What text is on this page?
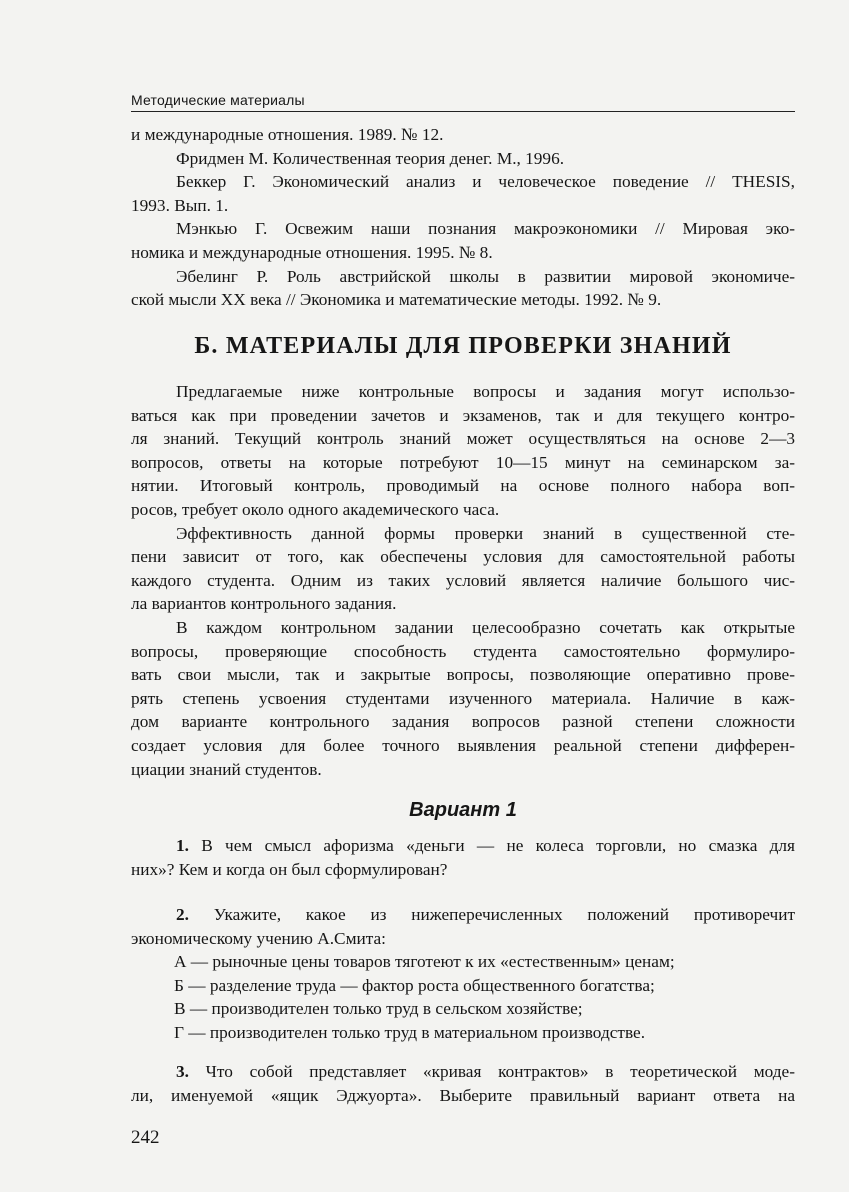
Методические материалы
и международные отношения. 1989. № 12.
Фридмен М. Количественная теория денег. М., 1996.
Беккер Г. Экономический анализ и человеческое поведение // THESIS,
1993. Вып. 1.
Мэнкью Г. Освежим наши познания макроэкономики // Мировая эко-
номика и международные отношения. 1995. № 8.
Эбелинг Р. Роль австрийской школы в развитии мировой экономиче-
ской мысли XX века // Экономика и математические методы. 1992. № 9.
Б. МАТЕРИАЛЫ ДЛЯ ПРОВЕРКИ ЗНАНИЙ
Предлагаемые ниже контрольные вопросы и задания могут использо-
ваться как при проведении зачетов и экзаменов, так и для текущего контро-
ля знаний. Текущий контроль знаний может осуществляться на основе 2—3
вопросов, ответы на которые потребуют 10—15 минут на семинарском за-
нятии. Итоговый контроль, проводимый на основе полного набора воп-
росов, требует около одного академического часа.
Эффективность данной формы проверки знаний в существенной сте-
пени зависит от того, как обеспечены условия для самостоятельной работы
каждого студента. Одним из таких условий является наличие большого чис-
ла вариантов контрольного задания.
В каждом контрольном задании целесообразно сочетать как открытые
вопросы, проверяющие способность студента самостоятельно формулиро-
вать свои мысли, так и закрытые вопросы, позволяющие оперативно прове-
рять степень усвоения студентами изученного материала. Наличие в каж-
дом варианте контрольного задания вопросов разной степени сложности
создает условия для более точного выявления реальной степени дифферен-
циации знаний студентов.
Вариант 1
1. В чем смысл афоризма «деньги — не колеса торговли, но смазка для
них»? Кем и когда он был сформулирован?
2. Укажите, какое из нижеперечисленных положений противоречит
экономическому учению А.Смита:
А — рыночные цены товаров тяготеют к их «естественным» ценам;
Б — разделение труда — фактор роста общественного богатства;
В — производителен только труд в сельском хозяйстве;
Г — производителен только труд в материальном производстве.
3. Что собой представляет «кривая контрактов» в теоретической моде-
ли, именуемой «ящик Эджуорта». Выберите правильный вариант ответа на
242
